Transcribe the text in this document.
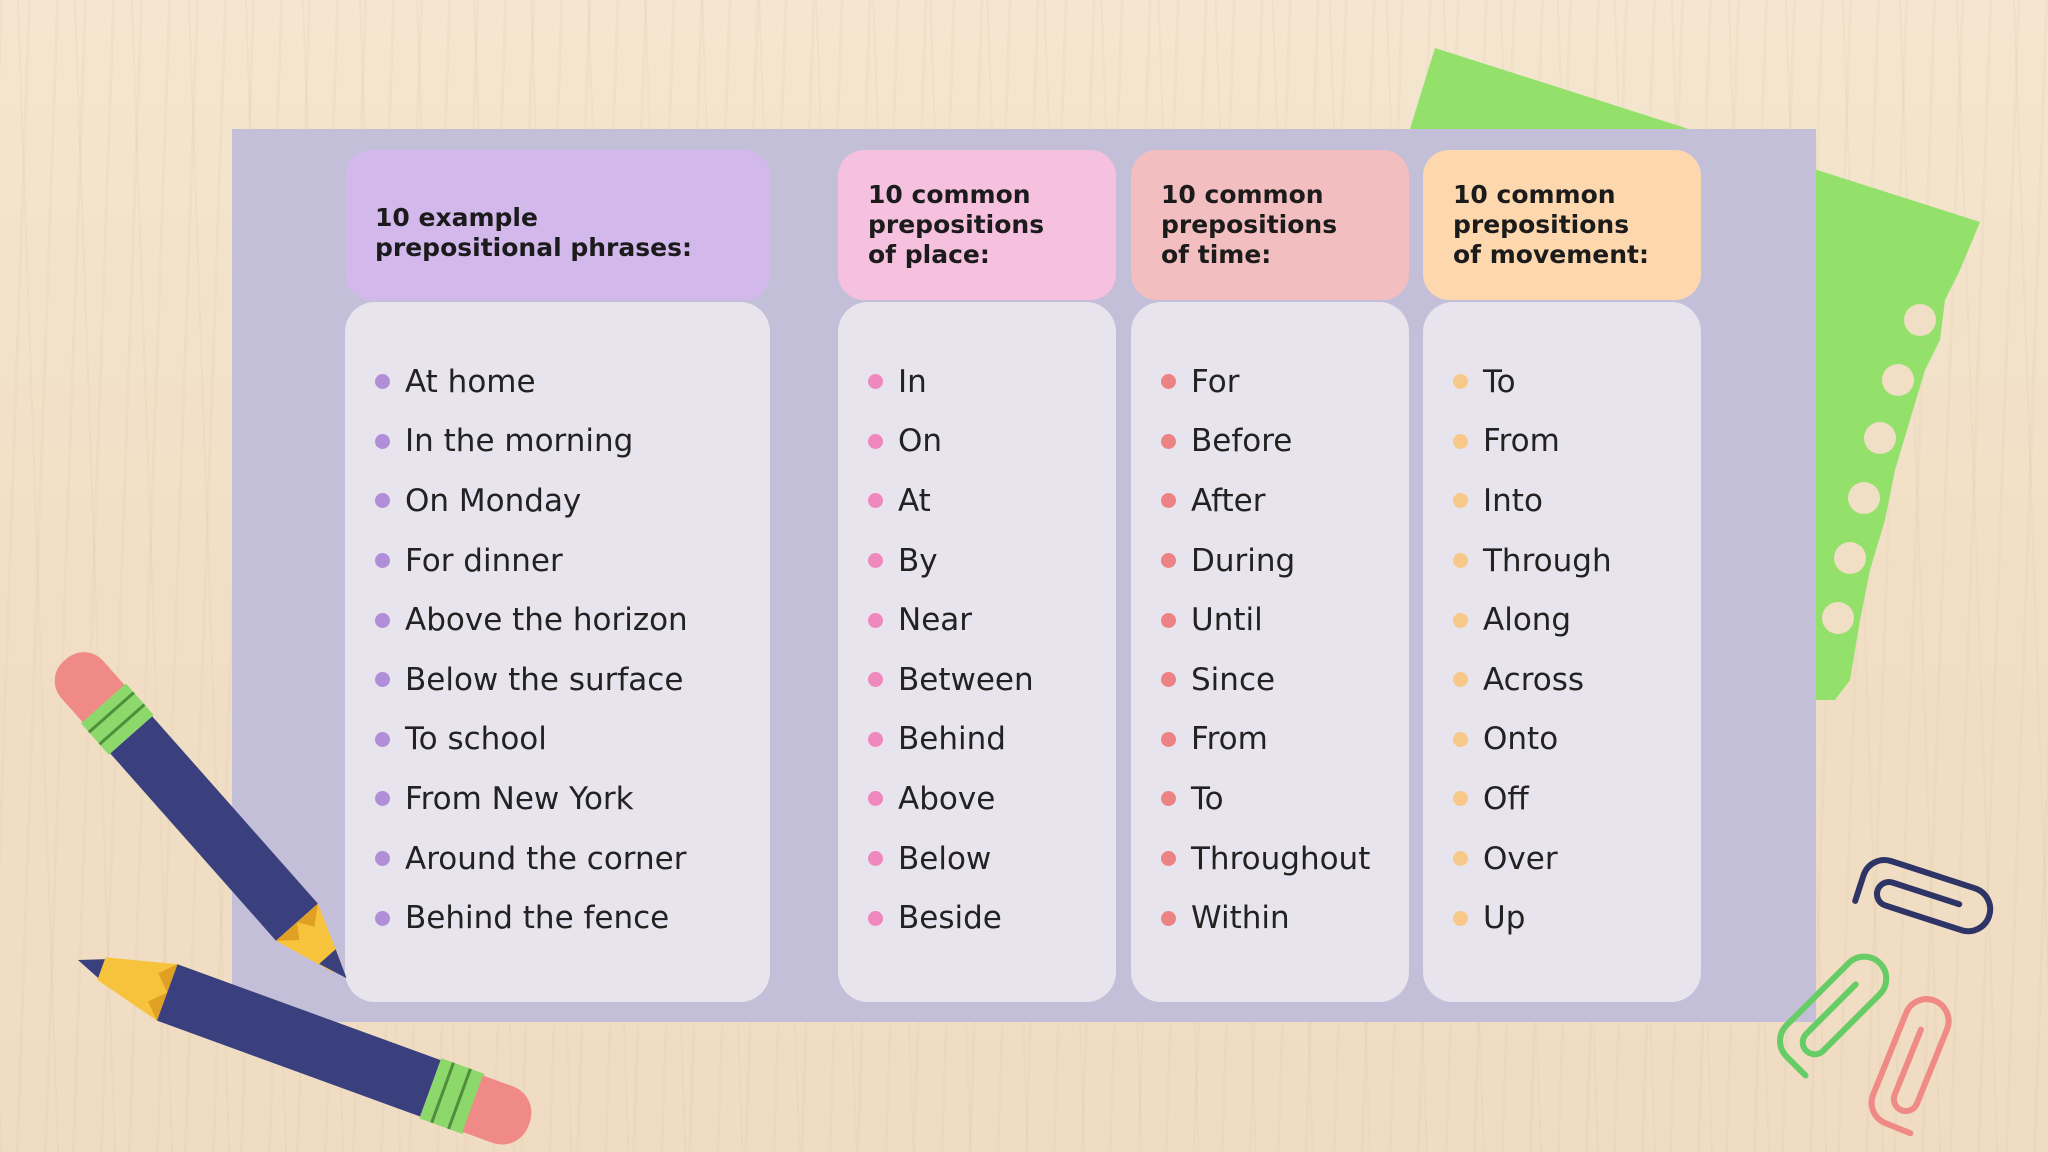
10 example
prepositional phrases:
At home
In the morning
On Monday
For dinner
Above the horizon
Below the surface
To school
From New York
Around the corner
Behind the fence
10 common
prepositions
of place:
In
On
At
By
Near
Between
Behind
Above
Below
Beside
10 common
prepositions
of time:
For
Before
After
During
Until
Since
From
To
Throughout
Within
10 common
prepositions
of movement:
To
From
Into
Through
Along
Across
Onto
Off
Over
Up
